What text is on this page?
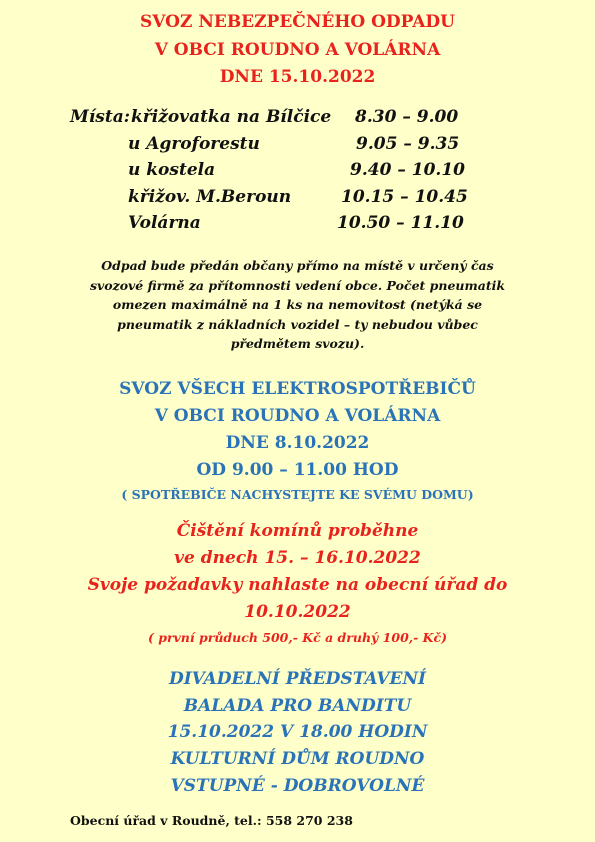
SVOZ NEBEZPEČNÉHO ODPADU
V OBCI ROUDNO A VOLÁRNA
DNE 15.10.2022
Místa: křižovatka na Bílčice 8.30 – 9.00
u Agroforestu	9.05 – 9.35
u kostela	9.40 – 10.10
křižov. M.Beroun	10.15 – 10.45
Volárna	10.50 – 11.10
Odpad bude předán občany přímo na místě v určený čas
svozové firmě za přítomnosti vedení obce. Počet pneumatik
omezen maximálně na 1 ks na nemovitost (netýká se
pneumatik z nákladních vozidel – ty nebudou vůbec
předmětem svozu).
SVOZ VŠECH ELEKTROSPOTŘEBIČŮ
V OBCI ROUDNO A VOLÁRNA
DNE 8.10.2022
OD 9.00 – 11.00 HOD
( SPOTŘEBIČE NACHYSTEJTE KE SVÉMU DOMU)
Čištění komínů proběhne
ve dnech 15. – 16.10.2022
Svoje požadavky nahlaste na obecní úřad do
10.10.2022
( první průduch 500,- Kč a druhý 100,- Kč)
DIVADELNÍ PŘEDSTAVENÍ
BALADA PRO BANDITU
15.10.2022 V 18.00 HODIN
KULTURNÍ DŮM ROUDNO
VSTUPNÉ - DOBROVOLNÉ
Obecní úřad v Roudně, tel.: 558 270 238
